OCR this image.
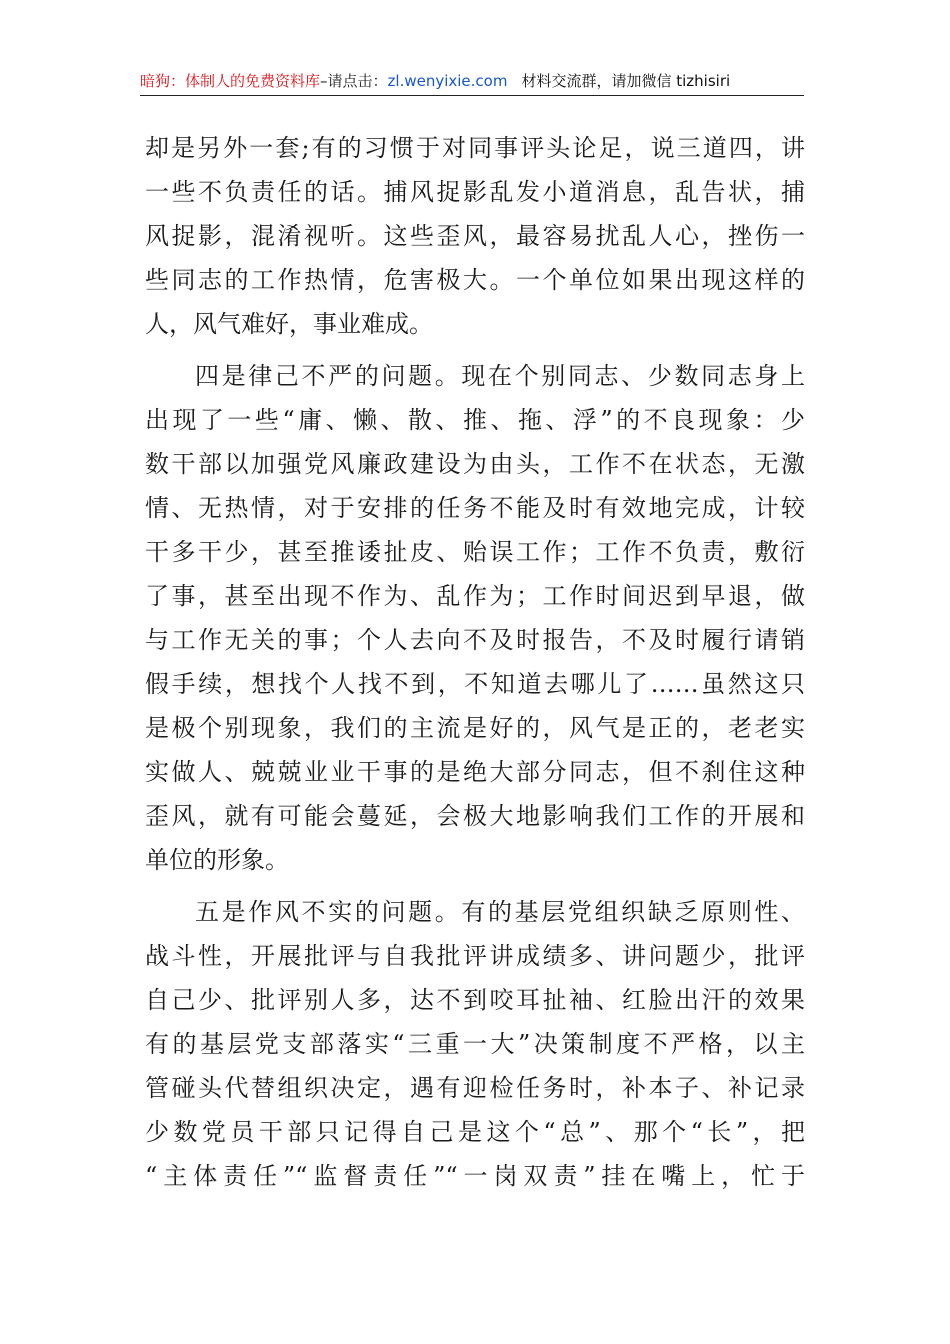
暗狗：体制人的免费资料库–请点击：zl.wenyixie.com 材料交流群，请加微信 tizhisiri
却是另外一套;有的习惯于对同事评头论足，说三道四，讲
一些不负责任的话。捕风捉影乱发小道消息，乱告状，捕
风捉影，混淆视听。这些歪风，最容易扰乱人心，挫伤一
些同志的工作热情，危害极大。一个单位如果出现这样的
人，风气难好，事业难成。
四是律己不严的问题。现在个别同志、少数同志身上
出现了一些“庸、懒、散、推、拖、浮”的不良现象：少
数干部以加强党风廉政建设为由头，工作不在状态，无激
情、无热情，对于安排的任务不能及时有效地完成，计较
干多干少，甚至推诿扯皮、贻误工作；工作不负责，敷衍
了事，甚至出现不作为、乱作为；工作时间迟到早退，做
与工作无关的事；个人去向不及时报告，不及时履行请销
假手续，想找个人找不到，不知道去哪儿了……虽然这只
是极个别现象，我们的主流是好的，风气是正的，老老实
实做人、兢兢业业干事的是绝大部分同志，但不刹住这种
歪风，就有可能会蔓延，会极大地影响我们工作的开展和
单位的形象。
五是作风不实的问题。有的基层党组织缺乏原则性、
战斗性，开展批评与自我批评讲成绩多、讲问题少，批评
自己少、批评别人多，达不到咬耳扯袖、红脸出汗的效果
有的基层党支部落实“三重一大”决策制度不严格，以主
管碰头代替组织决定，遇有迎检任务时，补本子、补记录
少数党员干部只记得自己是这个“总”、那个“长”，把
“主体责任”“监督责任”“一岗双责”挂在嘴上，忙于
